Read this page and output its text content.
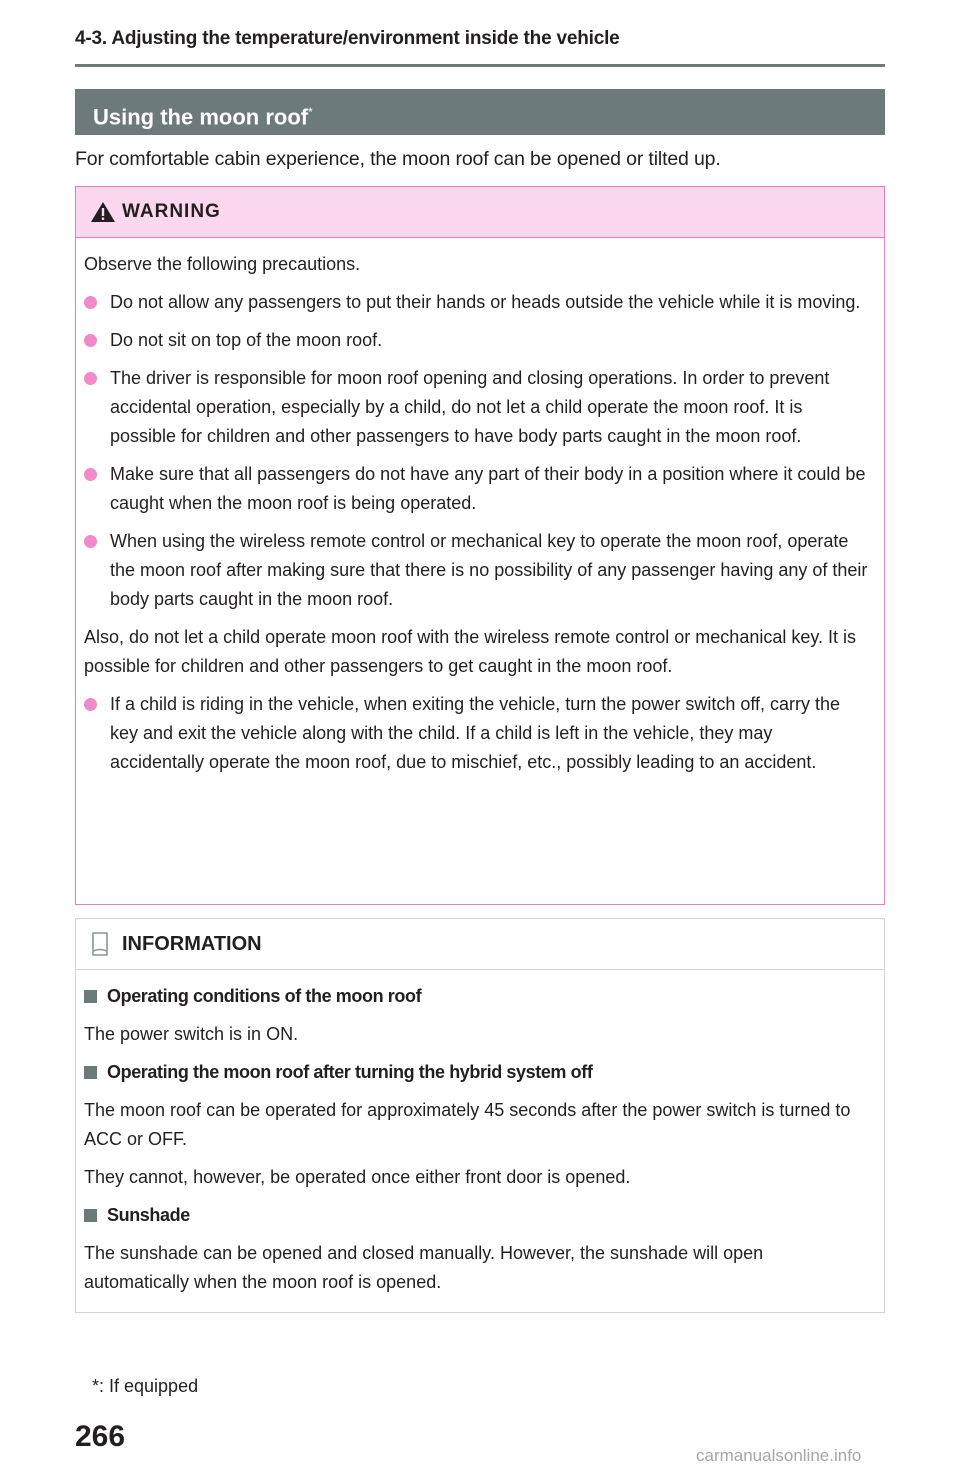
4-3. Adjusting the temperature/environment inside the vehicle
Using the moon roof*
For comfortable cabin experience, the moon roof can be opened or tilted up.
WARNING

Observe the following precautions.

Do not allow any passengers to put their hands or heads outside the vehicle while it is moving.
Do not sit on top of the moon roof.
The driver is responsible for moon roof opening and closing operations. In order to prevent accidental operation, especially by a child, do not let a child operate the moon roof. It is possible for children and other passengers to have body parts caught in the moon roof.
Make sure that all passengers do not have any part of their body in a position where it could be caught when the moon roof is being operated.
When using the wireless remote control or mechanical key to operate the moon roof, operate the moon roof after making sure that there is no possibility of any passenger having any of their body parts caught in the moon roof.

Also, do not let a child operate moon roof with the wireless remote control or mechanical key. It is possible for children and other passengers to get caught in the moon roof.

If a child is riding in the vehicle, when exiting the vehicle, turn the power switch off, carry the key and exit the vehicle along with the child. If a child is left in the vehicle, they may accidentally operate the moon roof, due to mischief, etc., possibly leading to an accident.
INFORMATION
Operating conditions of the moon roof

The power switch is in ON.

Operating the moon roof after turning the hybrid system off

The moon roof can be operated for approximately 45 seconds after the power switch is turned to ACC or OFF.

They cannot, however, be operated once either front door is opened.

Sunshade

The sunshade can be opened and closed manually. However, the sunshade will open automatically when the moon roof is opened.

*: If equipped
266
carmanualsonline.info
